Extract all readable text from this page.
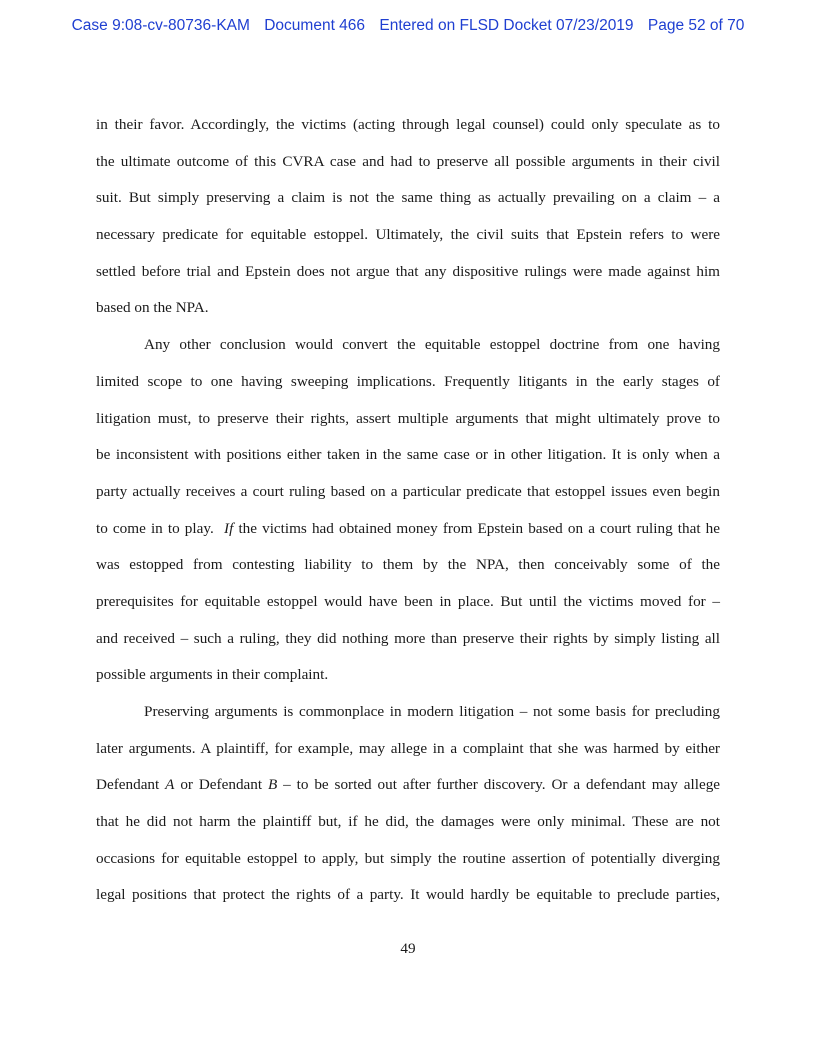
Case 9:08-cv-80736-KAM Document 466 Entered on FLSD Docket 07/23/2019 Page 52 of 70
in their favor. Accordingly, the victims (acting through legal counsel) could only speculate as to
the ultimate outcome of this CVRA case and had to preserve all possible arguments in their civil
suit. But simply preserving a claim is not the same thing as actually prevailing on a claim – a
necessary predicate for equitable estoppel. Ultimately, the civil suits that Epstein refers to were
settled before trial and Epstein does not argue that any dispositive rulings were made against him
based on the NPA.
Any other conclusion would convert the equitable estoppel doctrine from one having
limited scope to one having sweeping implications. Frequently litigants in the early stages of
litigation must, to preserve their rights, assert multiple arguments that might ultimately prove to
be inconsistent with positions either taken in the same case or in other litigation. It is only when a
party actually receives a court ruling based on a particular predicate that estoppel issues even begin
to come in to play. If the victims had obtained money from Epstein based on a court ruling that he
was estopped from contesting liability to them by the NPA, then conceivably some of the
prerequisites for equitable estoppel would have been in place. But until the victims moved for –
and received – such a ruling, they did nothing more than preserve their rights by simply listing all
possible arguments in their complaint.
Preserving arguments is commonplace in modern litigation – not some basis for precluding
later arguments. A plaintiff, for example, may allege in a complaint that she was harmed by either
Defendant A or Defendant B – to be sorted out after further discovery. Or a defendant may allege
that he did not harm the plaintiff but, if he did, the damages were only minimal. These are not
occasions for equitable estoppel to apply, but simply the routine assertion of potentially diverging
legal positions that protect the rights of a party. It would hardly be equitable to preclude parties,
49
